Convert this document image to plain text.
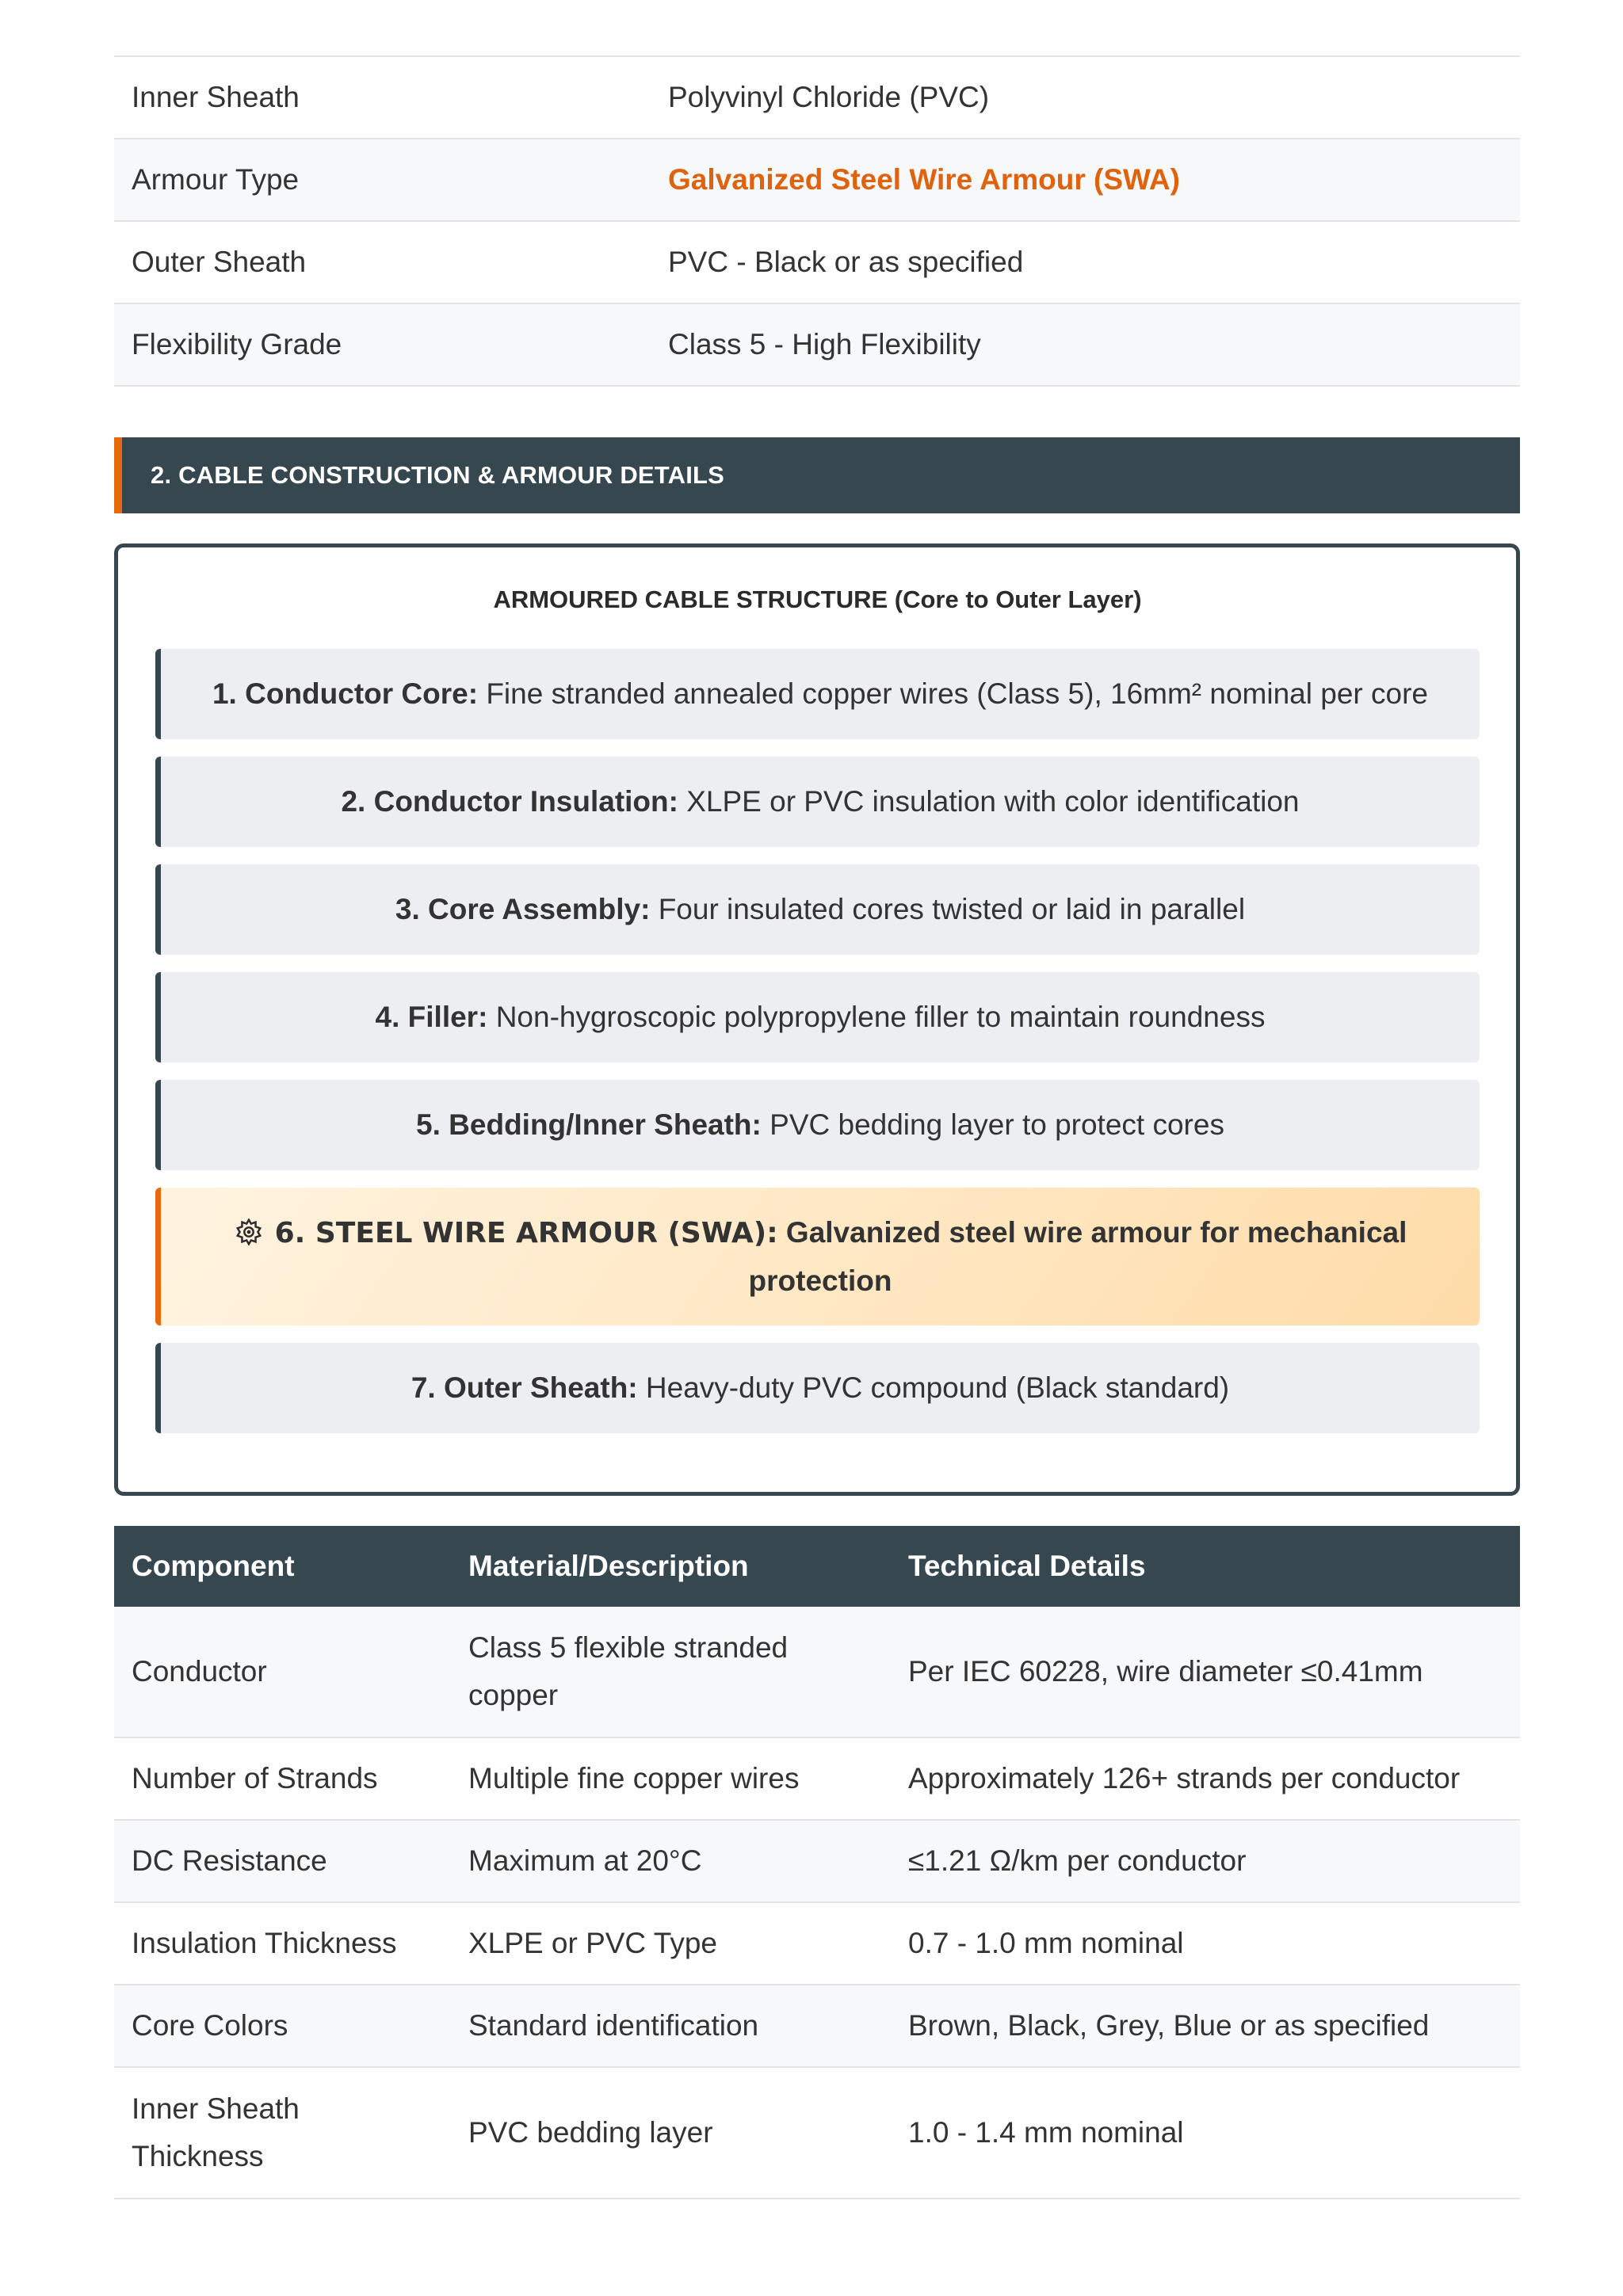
Inner Sheath	Polyvinyl Chloride (PVC)
Armour Type	Galvanized Steel Wire Armour (SWA)
Outer Sheath	PVC - Black or as specified
Flexibility Grade	Class 5 - High Flexibility
2. CABLE CONSTRUCTION & ARMOUR DETAILS
ARMOURED CABLE STRUCTURE (Core to Outer Layer)
1. Conductor Core: Fine stranded annealed copper wires (Class 5), 16mm² nominal per core
2. Conductor Insulation: XLPE or PVC insulation with color identification
3. Core Assembly: Four insulated cores twisted or laid in parallel
4. Filler: Non-hygroscopic polypropylene filler to maintain roundness
5. Bedding/Inner Sheath: PVC bedding layer to protect cores
6. STEEL WIRE ARMOUR (SWA): Galvanized steel wire armour for mechanical protection
7. Outer Sheath: Heavy-duty PVC compound (Black standard)
Component	Material/Description	Technical Details
Conductor	Class 5 flexible stranded copper	Per IEC 60228, wire diameter ≤0.41mm
Number of Strands	Multiple fine copper wires	Approximately 126+ strands per conductor
DC Resistance	Maximum at 20°C	≤1.21 Ω/km per conductor
Insulation Thickness	XLPE or PVC Type	0.7 - 1.0 mm nominal
Core Colors	Standard identification	Brown, Black, Grey, Blue or as specified
Inner Sheath Thickness	PVC bedding layer	1.0 - 1.4 mm nominal
